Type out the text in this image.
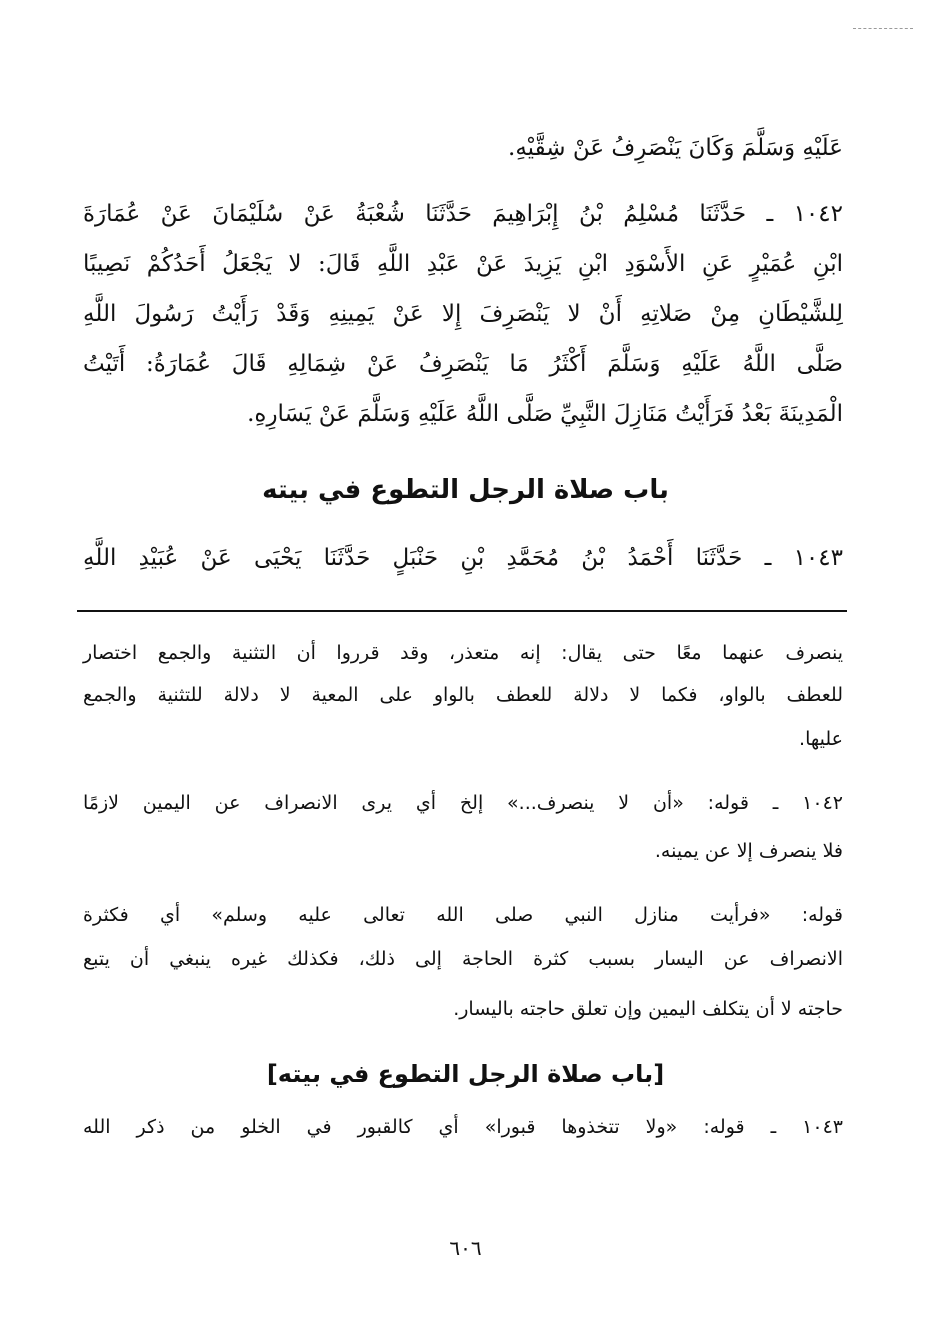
عَلَيْهِ وَسَلَّمَ وَكَانَ يَنْصَرِفُ عَنْ شِقَّيْهِ.
١٠٤٢ ـ حَدَّثَنَا مُسْلِمُ بْنُ إِبْرَاهِيمَ حَدَّثَنَا شُعْبَةُ عَنْ سُلَيْمَانَ عَنْ عُمَارَةَ
ابْنِ عُمَيْرٍ عَنِ الأَسْوَدِ ابْنِ يَزِيدَ عَنْ عَبْدِ اللَّهِ قَالَ: لا يَجْعَلُ أَحَدُكُمْ نَصِيبًا
لِلشَّيْطَانِ مِنْ صَلاتِهِ أَنْ لا يَنْصَرِفَ إِلا عَنْ يَمِينِهِ وَقَدْ رَأَيْتُ رَسُولَ اللَّهِ
صَلَّى اللَّهُ عَلَيْهِ وَسَلَّمَ أَكْثَرُ مَا يَنْصَرِفُ عَنْ شِمَالِهِ قَالَ عُمَارَةُ: أَتَيْتُ
الْمَدِينَةَ بَعْدُ فَرَأَيْتُ مَنَازِلَ النَّبِيِّ صَلَّى اللَّهُ عَلَيْهِ وَسَلَّمَ عَنْ يَسَارِهِ.
باب صلاة الرجل التطوع في بيته
١٠٤٣ ـ حَدَّثَنَا أَحْمَدُ بْنُ مُحَمَّدِ بْنِ حَنْبَلٍ حَدَّثَنَا يَحْيَى عَنْ عُبَيْدِ اللَّهِ
ينصرف عنهما معًا حتى يقال: إنه متعذر، وقد قرروا أن التثنية والجمع اختصار
للعطف بالواو، فكما لا دلالة للعطف بالواو على المعية لا دلالة للتثنية والجمع
عليها.
١٠٤٢ ـ قوله: «أن لا ينصرف...» إلخ أي يرى الانصراف عن اليمين لازمًا
فلا ينصرف إلا عن يمينه.
قوله: «فرأيت منازل النبي صلى الله تعالى عليه وسلم» أي فكثرة
الانصراف عن اليسار بسبب كثرة الحاجة إلى ذلك، فكذلك غيره ينبغي أن يتبع
حاجته لا أن يتكلف اليمين وإن تعلق حاجته باليسار.
[باب صلاة الرجل التطوع في بيته]
١٠٤٣ ـ قوله: «ولا تتخذوها قبورا» أي كالقبور في الخلو من ذكر الله
٦٠٦
